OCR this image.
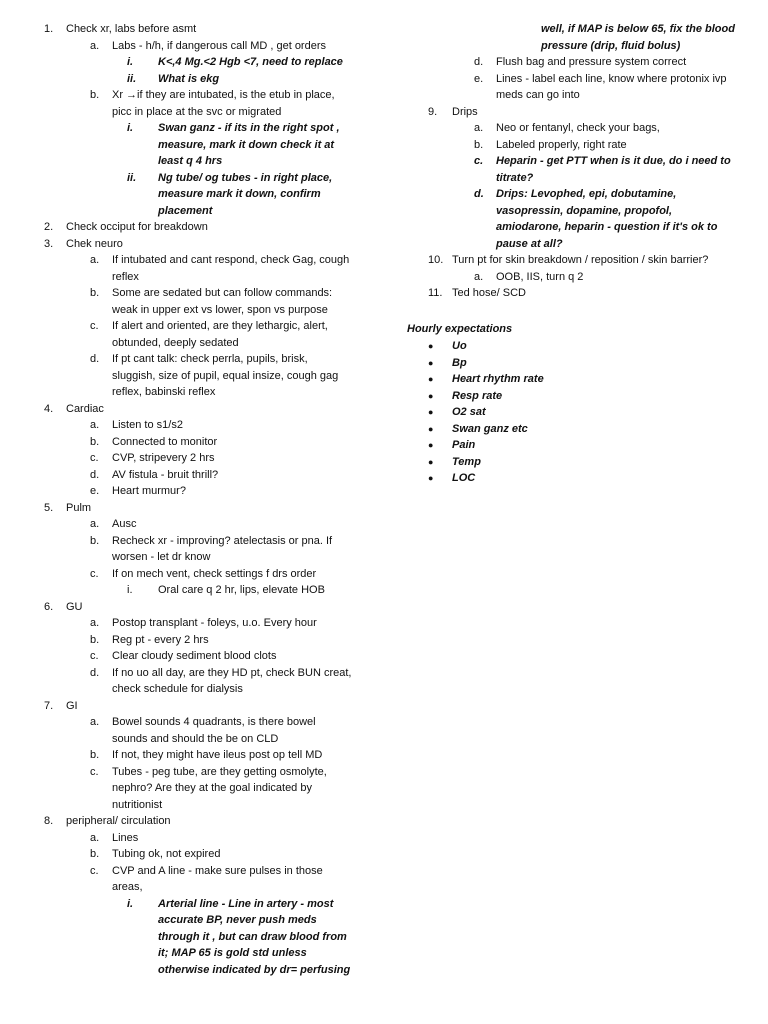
1. Check xr, labs before asmt
a. Labs - h/h, if dangerous call MD , get orders
i. K<,4 Mg.<2 Hgb <7, need to replace
ii. What is ekg
b. Xr →if they are intubated, is the etub in place,
picc in place at the svc or migrated
i. Swan ganz - if its in the right spot ,
measure, mark it down check it at
least q 4 hrs
ii. Ng tube/ og tubes - in right place,
measure mark it down, confirm
placement
2. Check occiput for breakdown
3. Chek neuro
a. If intubated and cant respond, check Gag, cough
reflex
b. Some are sedated but can follow commands:
weak in upper ext vs lower, spon vs purpose
c. If alert and oriented, are they lethargic, alert,
obtunded, deeply sedated
d. If pt cant talk: check perrla, pupils, brisk,
sluggish, size of pupil, equal insize, cough gag
reflex, babinski reflex
4. Cardiac
a. Listen to s1/s2
b. Connected to monitor
c. CVP, stripevery 2 hrs
d. AV fistula - bruit thrill?
e. Heart murmur?
5. Pulm
a. Ausc
b. Recheck xr - improving? atelectasis or pna. If
worsen - let dr know
c. If on mech vent, check settings f drs order
i. Oral care q 2 hr, lips, elevate HOB
6. GU
a. Postop transplant - foleys, u.o. Every hour
b. Reg pt - every 2 hrs
c. Clear cloudy sediment blood clots
d. If no uo all day, are they HD pt, check BUN creat,
check schedule for dialysis
7. GI
a. Bowel sounds 4 quadrants, is there bowel
sounds and should the be on CLD
b. If not, they might have ileus post op tell MD
c. Tubes - peg tube, are they getting osmolyte,
nephro? Are they at the goal indicated by
nutritionist
8. peripheral/ circulation
a. Lines
b. Tubing ok, not expired
c. CVP and A line - make sure pulses in those
areas,
i. Arterial line - Line in artery - most
accurate BP, never push meds
through it , but can draw blood from
it; MAP 65 is gold std unless
otherwise indicated by dr= perfusing
Hourly expectations
● Uo
● Bp
● Heart rhythm rate
● Resp rate
● O2 sat
● Swan ganz etc
● Pain
● Temp
● LOC
well, if MAP is below 65, fix the blood
pressure (drip, fluid bolus)
d. Flush bag and pressure system correct
e. Lines - label each line, know where protonix ivp
meds can go into
9. Drips
a. Neo or fentanyl, check your bags,
b. Labeled properly, right rate
c. Heparin - get PTT when is it due, do i need to
titrate?
d. Drips: Levophed, epi, dobutamine,
vasopressin, dopamine, propofol,
amiodarone, heparin - question if it's ok to
pause at all?
10. Turn pt for skin breakdown / reposition / skin barrier?
a. OOB, IIS, turn q 2
11. Ted hose/ SCD
